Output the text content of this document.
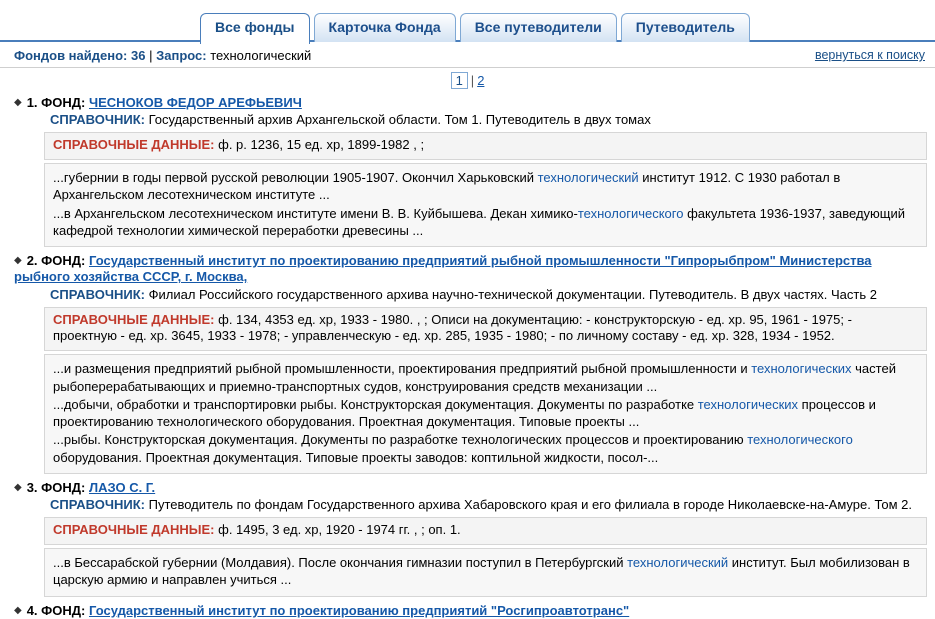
Все фонды	Карточка Фонда	Все путеводители	Путеводитель
Фондов найдено: 36 | Запрос: технологический	вернуться к поиску
1 | 2
◆ 1. ФОНД: ЧЕСНОКОВ ФЕДОР АРЕФЬЕВИЧ
СПРАВОЧНИК: Государственный архив Архангельской области. Том 1. Путеводитель в двух томах
СПРАВОЧНЫЕ ДАННЫЕ: ф. р. 1236, 15 ед. хр, 1899-1982 , ;
...губернии в годы первой русской революции 1905-1907. Окончил Харьковский технологический институт 1912. С 1930 работал в Архангельском лесотехническом институте ...
...в Архангельском лесотехническом институте имени В. В. Куйбышева. Декан химико-технологического факультета 1936-1937, заведующий кафедрой технологии химической переработки древесины ...
◆ 2. ФОНД: Государственный институт по проектированию предприятий рыбной промышленности "Гипрорыбпром" Министерства рыбного хозяйства СССР, г. Москва,
СПРАВОЧНИК: Филиал Российского государственного архива научно-технической документации. Путеводитель. В двух частях. Часть 2
СПРАВОЧНЫЕ ДАННЫЕ: ф. 134, 4353 ед. хр, 1933 - 1980. , ; Описи на документацию: - конструкторскую - ед. хр. 95, 1961 - 1975; - проектную - ед. хр. 3645, 1933 - 1978; - управленческую - ед. хр. 285, 1935 - 1980; - по личному составу - ед. хр. 328, 1934 - 1952.
...и размещения предприятий рыбной промышленности, проектирования предприятий рыбной промышленности и технологических частей рыбоперерабатывающих и приемно-транспортных судов, конструирования средств механизации ...
...добычи, обработки и транспортировки рыбы. Конструкторская документация. Документы по разработке технологических процессов и проектированию технологического оборудования. Проектная документация. Типовые проекты ...
...рыбы. Конструкторская документация. Документы по разработке технологических процессов и проектированию технологического оборудования. Проектная документация. Типовые проекты заводов: коптильной жидкости, посол-...
◆ 3. ФОНД: ЛАЗО С. Г.
СПРАВОЧНИК: Путеводитель по фондам Государственного архива Хабаровского края и его филиала в городе Николаевске-на-Амуре. Том 2.
СПРАВОЧНЫЕ ДАННЫЕ: ф. 1495, 3 ед. хр, 1920 - 1974 гг. , ; оп. 1.
...в Бессарабской губернии (Молдавия). После окончания гимназии поступил в Петербургский технологический институт. Был мобилизован в царскую армию и направлен учиться ...
◆ 4. ФОНД: Государственный институт по проектированию предприятий "Росгипроавтотранс"
